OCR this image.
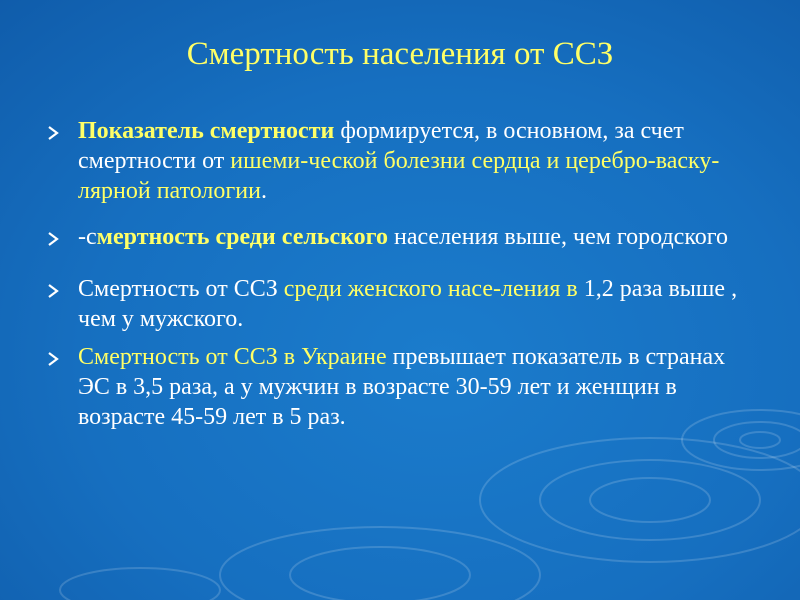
Смертность населения от ССЗ
Показатель смертности формируется, в основном, за счет смертности от ишеми-ческой болезни сердца и церебро-васку-лярной патологии.
-смертность среди сельского населения выше, чем городского
Смертность от ССЗ среди женского насе-ления в 1,2 раза выше , чем у мужского.
Смертность от ССЗ в Украине превышает показатель в странах ЭС в 3,5 раза, а у мужчин в возрасте 30-59 лет и женщин в возрасте 45-59 лет в 5 раз.
